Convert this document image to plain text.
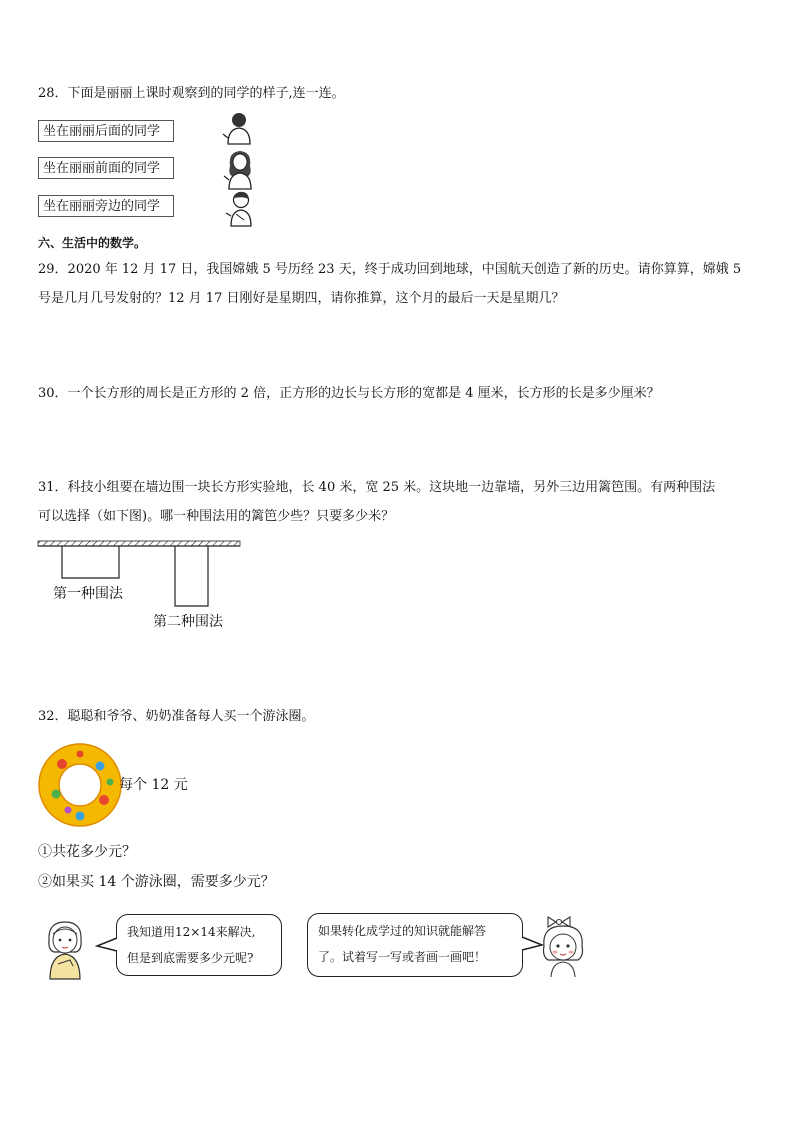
28．下面是丽丽上课时观察到的同学的样子,连一连。
坐在丽丽后面的同学
坐在丽丽前面的同学
坐在丽丽旁边的同学
六、生活中的数学。
29．2020 年 12 月 17 日，我国嫦娥 5 号历经 23 天，终于成功回到地球，中国航天创造了新的历史。请你算算，嫦娥 5
号是几月几号发射的？12 月 17 日刚好是星期四，请你推算，这个月的最后一天是星期几？
30．一个长方形的周长是正方形的 2 倍，正方形的边长与长方形的宽都是 4 厘米，长方形的长是多少厘米？
31．科技小组要在墙边围一块长方形实验地，长 40 米，宽 25 米。这块地一边靠墙，另外三边用篱笆围。有两种围法
可以选择（如下图)。哪一种围法用的篱笆少些？只要多少米？
第一种围法
第二种围法
32．聪聪和爷爷、奶奶准备每人买一个游泳圈。
每个 12 元
①共花多少元？
②如果买 14 个游泳圈，需要多少元？
我知道用12×14来解决,
但是到底需要多少元呢?
如果转化成学过的知识就能解答
了。试着写一写或者画一画吧！
